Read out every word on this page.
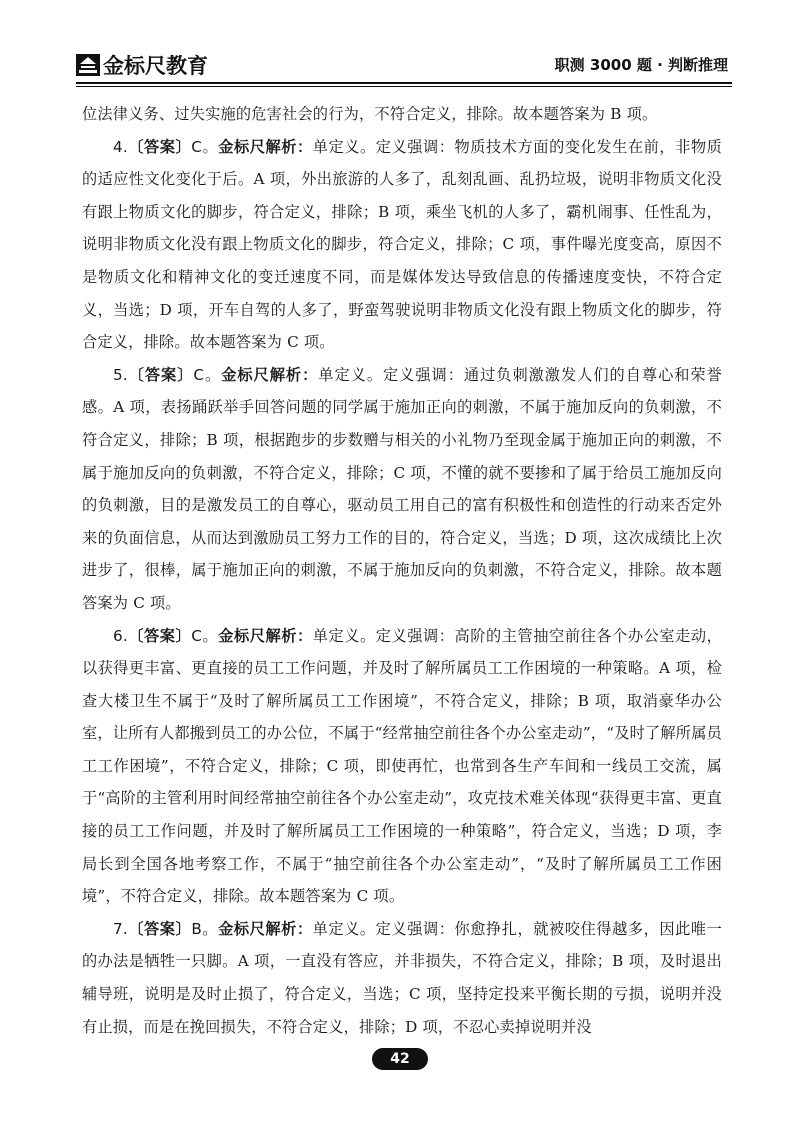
金标尺教育	职测 3000 题 · 判断推理

位法律义务、过失实施的危害社会的行为，不符合定义，排除。故本题答案为 B 项。

4.〔答案〕C。金标尺解析：单定义。定义强调：物质技术方面的变化发生在前，非物质的适应性文化变化于后。A 项，外出旅游的人多了，乱刻乱画、乱扔垃圾，说明非物质文化没有跟上物质文化的脚步，符合定义，排除；B 项，乘坐飞机的人多了，霸机闹事、任性乱为，说明非物质文化没有跟上物质文化的脚步，符合定义，排除；C 项，事件曝光度变高，原因不是物质文化和精神文化的变迁速度不同，而是媒体发达导致信息的传播速度变快，不符合定义，当选；D 项，开车自驾的人多了，野蛮驾驶说明非物质文化没有跟上物质文化的脚步，符合定义，排除。故本题答案为 C 项。

5.〔答案〕C。金标尺解析：单定义。定义强调：通过负刺激激发人们的自尊心和荣誉感。A 项，表扬踊跃举手回答问题的同学属于施加正向的刺激，不属于施加反向的负刺激，不符合定义，排除；B 项，根据跑步的步数赠与相关的小礼物乃至现金属于施加正向的刺激，不属于施加反向的负刺激，不符合定义，排除；C 项，不懂的就不要掺和了属于给员工施加反向的负刺激，目的是激发员工的自尊心，驱动员工用自己的富有积极性和创造性的行动来否定外来的负面信息，从而达到激励员工努力工作的目的，符合定义，当选；D 项，这次成绩比上次进步了，很棒，属于施加正向的刺激，不属于施加反向的负刺激，不符合定义，排除。故本题答案为 C 项。

6.〔答案〕C。金标尺解析：单定义。定义强调：高阶的主管抽空前往各个办公室走动，以获得更丰富、更直接的员工工作问题，并及时了解所属员工工作困境的一种策略。A 项，检查大楼卫生不属于“及时了解所属员工工作困境”，不符合定义，排除；B 项，取消豪华办公室，让所有人都搬到员工的办公位，不属于“经常抽空前往各个办公室走动”，“及时了解所属员工工作困境”，不符合定义，排除；C 项，即使再忙，也常到各生产车间和一线员工交流，属于“高阶的主管利用时间经常抽空前往各个办公室走动”，攻克技术难关体现“获得更丰富、更直接的员工工作问题，并及时了解所属员工工作困境的一种策略”，符合定义，当选；D 项，李局长到全国各地考察工作，不属于“抽空前往各个办公室走动”，“及时了解所属员工工作困境”，不符合定义，排除。故本题答案为 C 项。

7.〔答案〕B。金标尺解析：单定义。定义强调：你愈挣扎，就被咬住得越多，因此唯一的办法是牺牲一只脚。A 项，一直没有答应，并非损失，不符合定义，排除；B 项，及时退出辅导班，说明是及时止损了，符合定义，当选；C 项，坚持定投来平衡长期的亏损，说明并没有止损，而是在挽回损失，不符合定义，排除；D 项，不忍心卖掉说明并没

42
